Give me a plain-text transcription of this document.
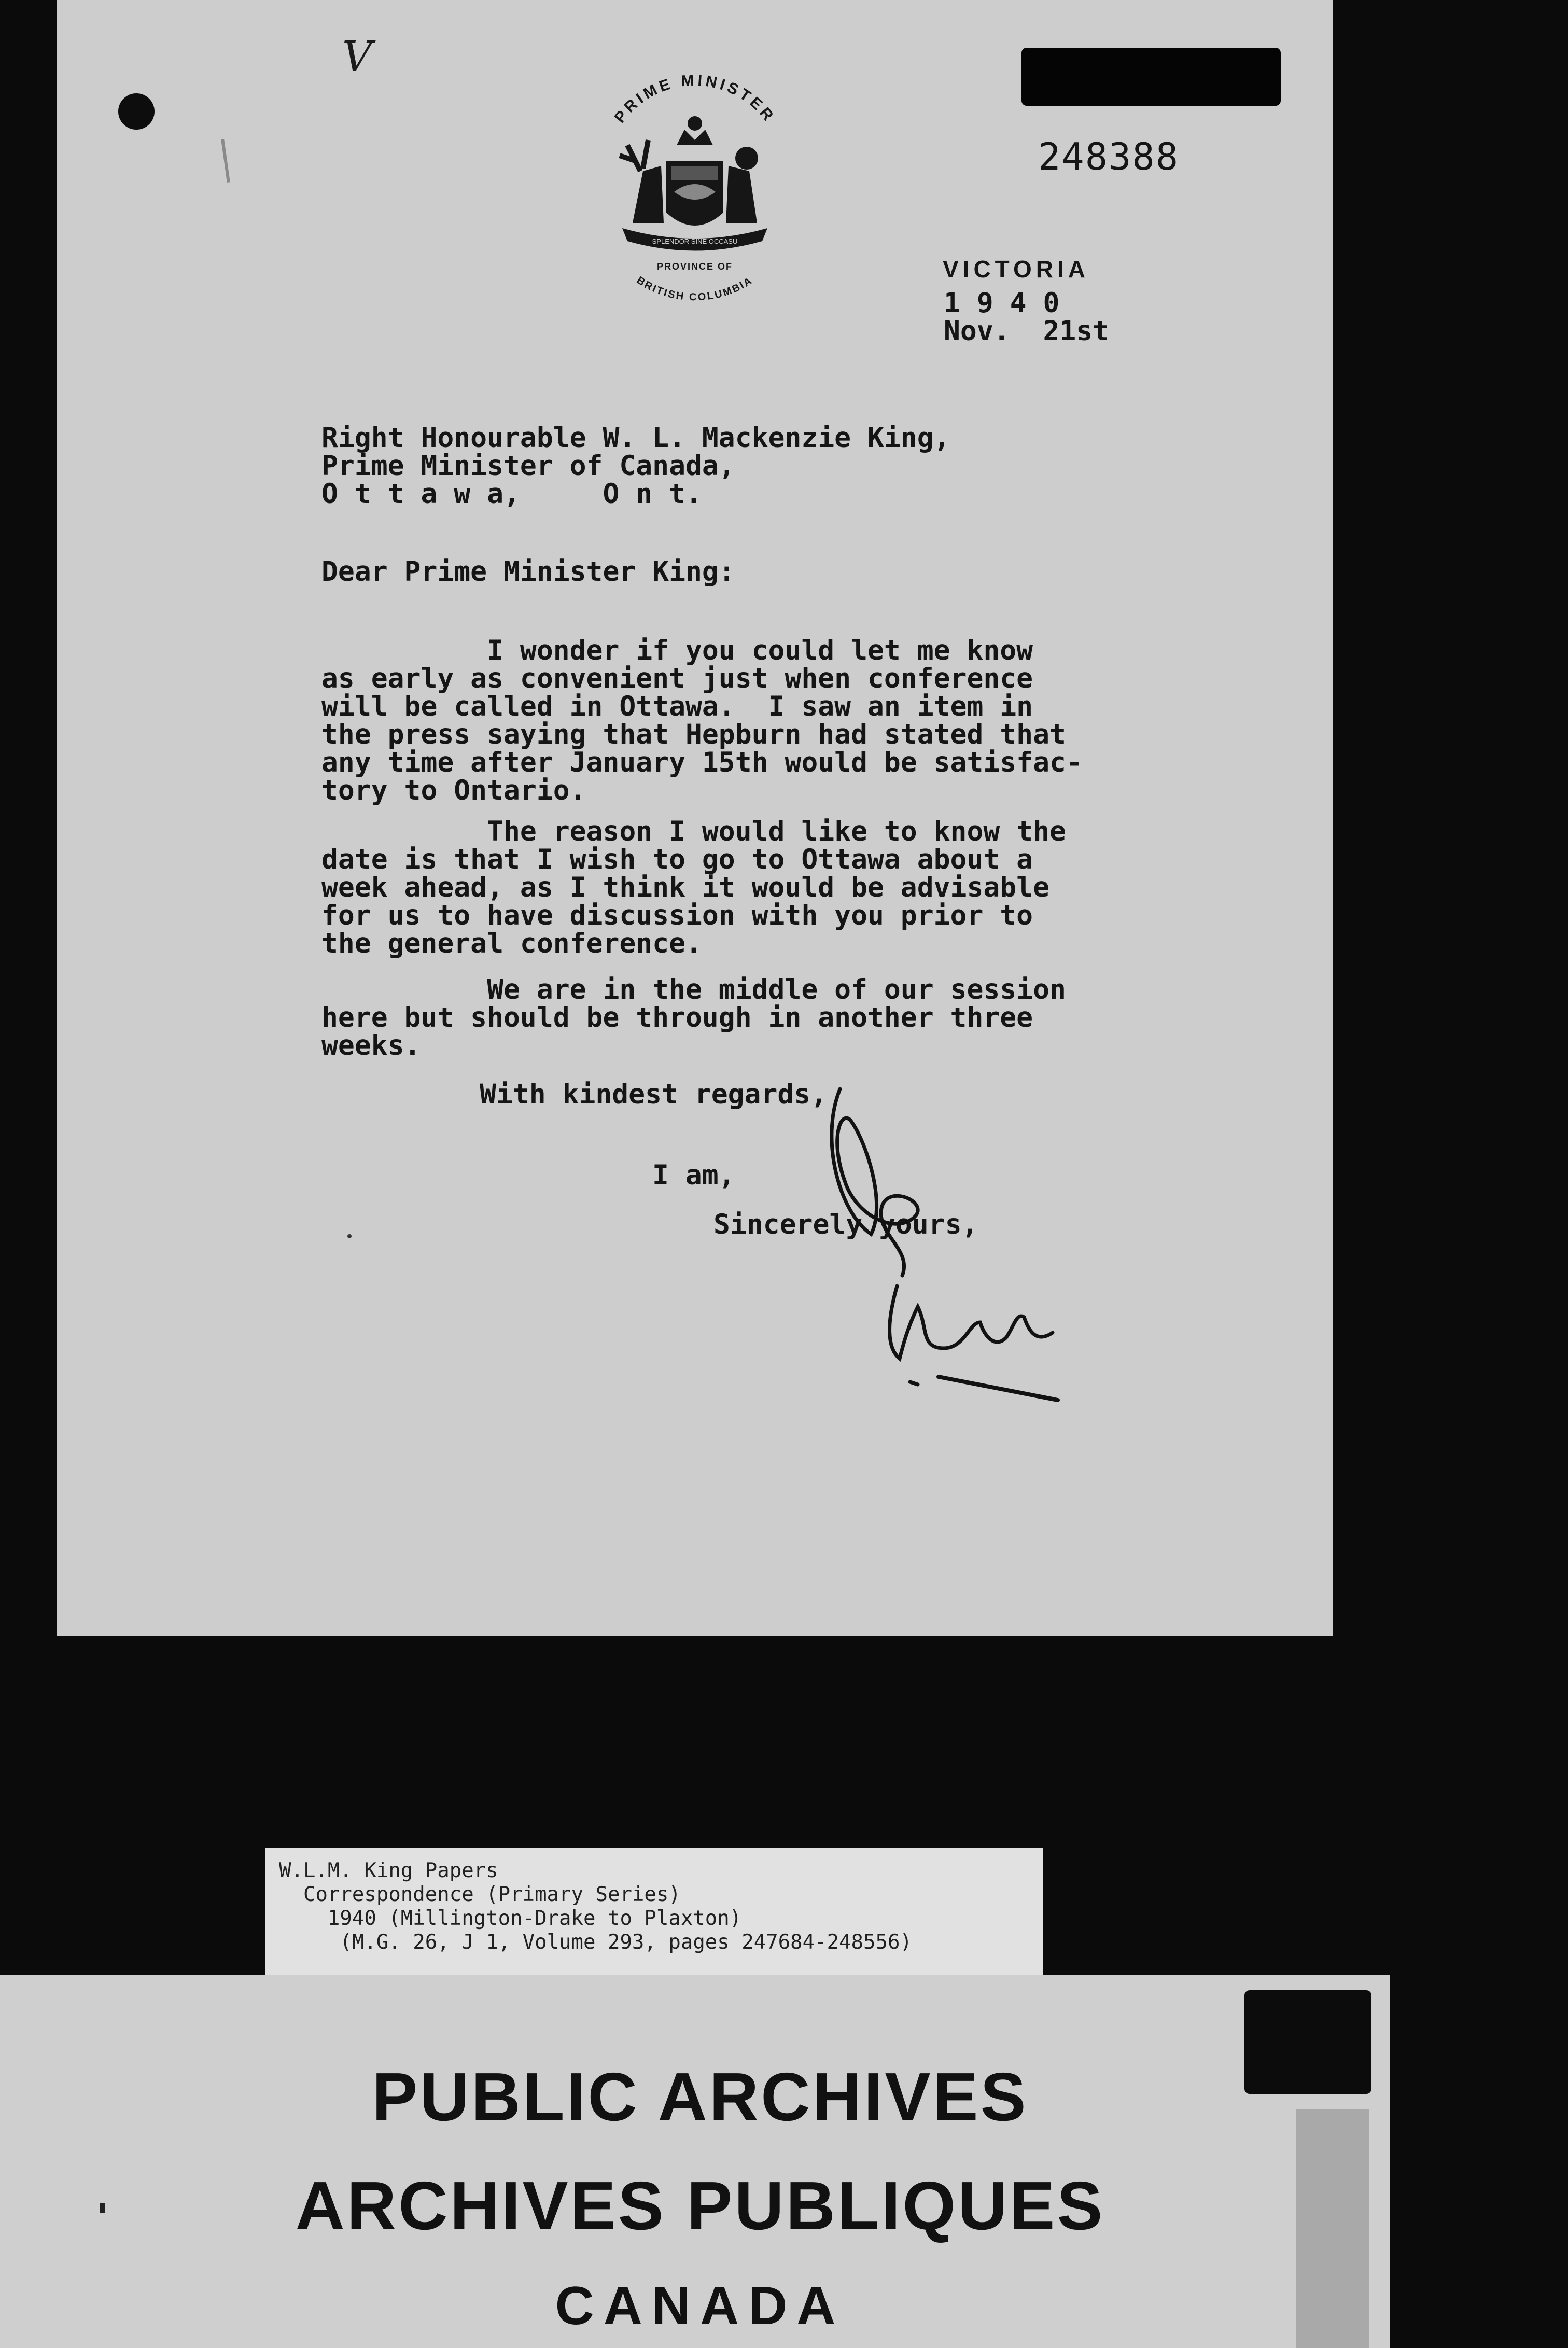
V
248388
PRIME MINISTER
SPLENDOR SINE OCCASU
PROVINCE OF
BRITISH COLUMBIA	VICTORIA
1 9 4 0
Nov.  21st
Right Honourable W. L. Mackenzie King,
Prime Minister of Canada,
O t t a w a,     O n t.
Dear Prime Minister King:
I wonder if you could let me know
as early as convenient just when conference
will be called in Ottawa.  I saw an item in
the press saying that Hepburn had stated that
any time after January 15th would be satisfac-
tory to Ontario.
The reason I would like to know the
date is that I wish to go to Ottawa about a
week ahead, as I think it would be advisable
for us to have discussion with you prior to
the general conference.
We are in the middle of our session
here but should be through in another three
weeks.
With kindest regards,
I am,
Sincerely yours,
W.L.M. King Papers
Correspondence (Primary Series)
1940 (Millington-Drake to Plaxton)
(M.G. 26, J 1, Volume 293, pages 247684-248556)
PUBLIC ARCHIVES
ARCHIVES PUBLIQUES
CANADA
